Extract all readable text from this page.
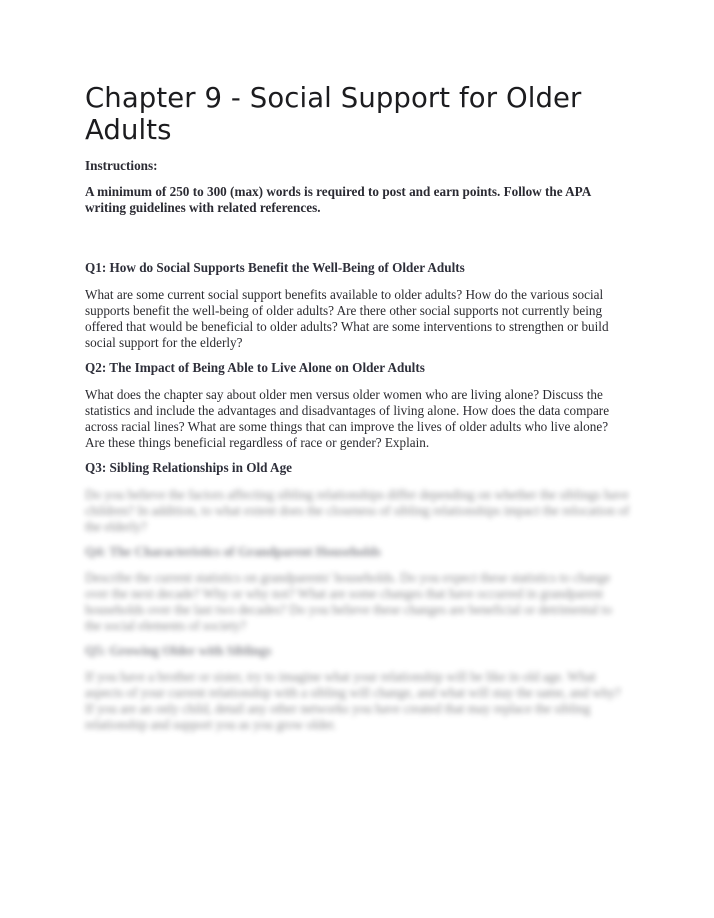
Chapter 9 - Social Support for Older Adults

Instructions:

A minimum of 250 to 300 (max) words is required to post and earn points. Follow the APA writing guidelines with related references.

Q1: How do Social Supports Benefit the Well-Being of Older Adults

What are some current social support benefits available to older adults? How do the various social supports benefit the well-being of older adults? Are there other social supports not currently being offered that would be beneficial to older adults? What are some interventions to strengthen or build social support for the elderly?

Q2: The Impact of Being Able to Live Alone on Older Adults

What does the chapter say about older men versus older women who are living alone? Discuss the statistics and include the advantages and disadvantages of living alone. How does the data compare across racial lines? What are some things that can improve the lives of older adults who live alone? Are these things beneficial regardless of race or gender? Explain.

Q3: Sibling Relationships in Old Age

Do you believe the factors affecting sibling relationships differ depending on whether the siblings have children? In addition, to what extent does the closeness of sibling relationships impact the relocation of the elderly?

Q4: The Characteristics of Grandparent Households

Describe the current statistics on grandparents' households. Do you expect these statistics to change over the next decade? Why or why not? What are some changes that have occurred in grandparent households over the last two decades? Do you believe these changes are beneficial or detrimental to the social elements of society?

Q5: Growing Older with Siblings

If you have a brother or sister, try to imagine what your relationship will be like in old age. What aspects of your current relationship with a sibling will change, and what will stay the same, and why? If you are an only child, detail any other networks you have created that may replace the sibling relationship and support you as you grow older.
